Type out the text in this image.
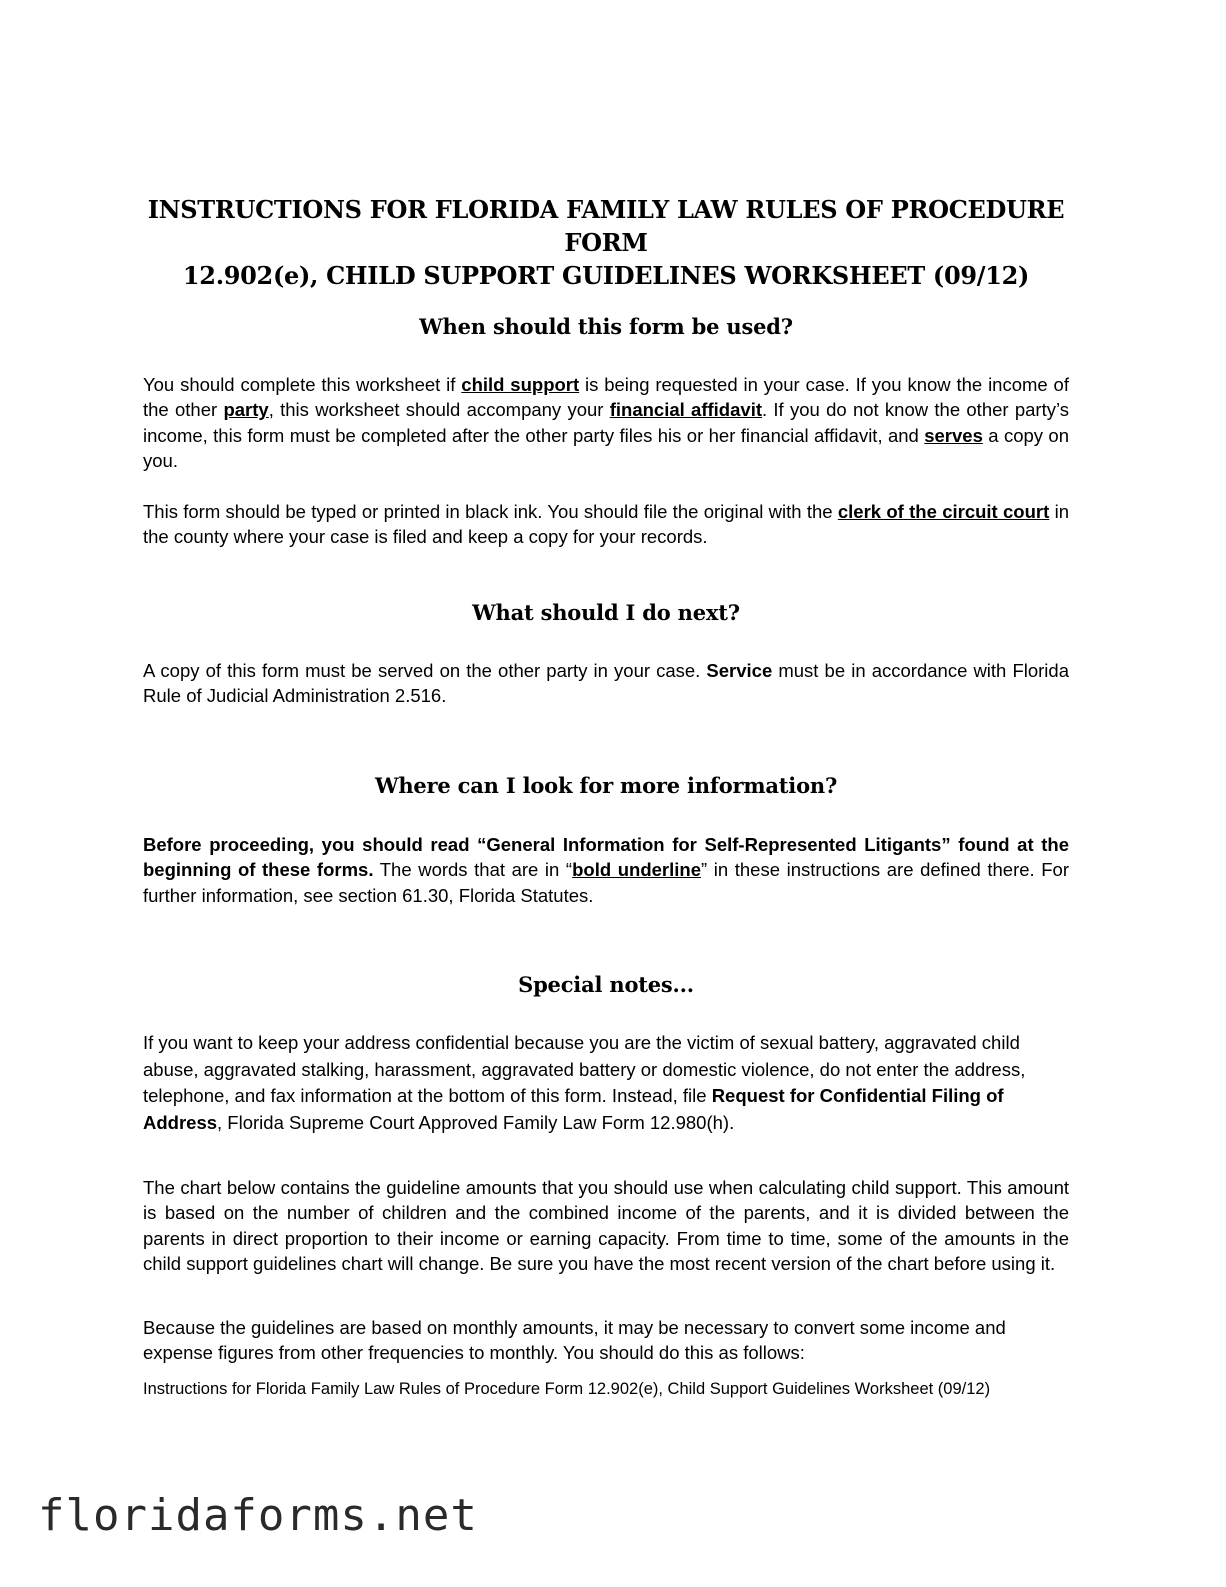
INSTRUCTIONS FOR FLORIDA FAMILY LAW RULES OF PROCEDURE FORM
12.902(e), CHILD SUPPORT GUIDELINES WORKSHEET (09/12)
When should this form be used?

You should complete this worksheet if child support is being requested in your case. If you know the income of the other party, this worksheet should accompany your financial affidavit. If you do not know the other party’s income, this form must be completed after the other party files his or her financial affidavit, and serves a copy on you.

This form should be typed or printed in black ink. You should file the original with the clerk of the circuit court in the county where your case is filed and keep a copy for your records.

What should I do next?

A copy of this form must be served on the other party in your case. Service must be in accordance with Florida Rule of Judicial Administration 2.516.

Where can I look for more information?

Before proceeding, you should read “General Information for Self-Represented Litigants” found at the beginning of these forms. The words that are in “bold underline” in these instructions are defined there. For further information, see section 61.30, Florida Statutes.

Special notes...

If you want to keep your address confidential because you are the victim of sexual battery, aggravated child abuse, aggravated stalking, harassment, aggravated battery or domestic violence, do not enter the address, telephone, and fax information at the bottom of this form. Instead, file Request for Confidential Filing of Address, Florida Supreme Court Approved Family Law Form 12.980(h).

The chart below contains the guideline amounts that you should use when calculating child support. This amount is based on the number of children and the combined income of the parents, and it is divided between the parents in direct proportion to their income or earning capacity. From time to time, some of the amounts in the child support guidelines chart will change. Be sure you have the most recent version of the chart before using it.

Because the guidelines are based on monthly amounts, it may be necessary to convert some income and expense figures from other frequencies to monthly. You should do this as follows:

Instructions for Florida Family Law Rules of Procedure Form 12.902(e), Child Support Guidelines Worksheet (09/12)

floridaforms.net
